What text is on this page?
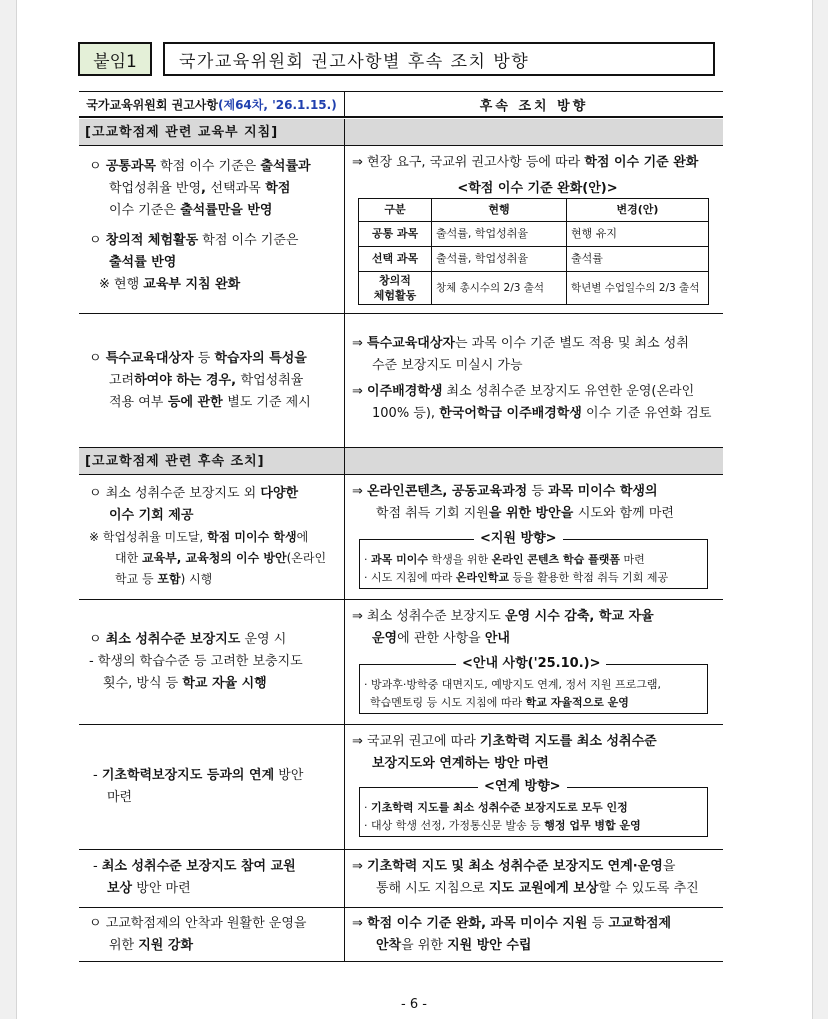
붙임1	국가교육위원회 권고사항별 후속 조치 방향
국가교육위원회 권고사항 (제64차, '26.1.15.)	후속 조치 방향
[고교학점제 관련 교육부 지침]
ㅇ 공통과목 학점 이수 기준은 출석률과
학업성취율 반영, 선택과목 학점
이수 기준은 출석률만을 반영
ㅇ 창의적 체험활동 학점 이수 기준은
출석률 반영
※ 현행 교육부 지침 완화
⇒ 현장 요구, 국교위 권고사항 등에 따라 학점 이수 기준 완화
<학점 이수 기준 완화(안)>
구분	현행	변경(안)
공통 과목	출석률, 학업성취율	현행 유지
선택 과목	출석률, 학업성취율	출석률
창의적
체험활동	창체 총시수의 2/3 출석	학년별 수업일수의 2/3 출석
ㅇ 특수교육대상자 등 학습자의 특성을
고려하여야 하는 경우, 학업성취율
적용 여부 등에 관한 별도 기준 제시
⇒ 특수교육대상자는 과목 이수 기준 별도 적용 및 최소 성취
수준 보장지도 미실시 가능
⇒ 이주배경학생 최소 성취수준 보장지도 유연한 운영(온라인
100% 등), 한국어학급 이주배경학생 이수 기준 유연화 검토
[고교학점제 관련 후속 조치]
ㅇ 최소 성취수준 보장지도 외 다양한
이수 기회 제공
※ 학업성취율 미도달, 학점 미이수 학생에
대한 교육부, 교육청의 이수 방안(온라인
학교 등 포함) 시행
⇒ 온라인콘텐츠, 공동교육과정 등 과목 미이수 학생의
학점 취득 기회 지원을 위한 방안을 시도와 함께 마련
<지원 방향>
· 과목 미이수 학생을 위한 온라인 콘텐츠 학습 플랫폼 마련
· 시도 지침에 따라 온라인학교 등을 활용한 학점 취득 기회 제공
ㅇ 최소 성취수준 보장지도 운영 시
- 학생의 학습수준 등 고려한 보충지도
횟수, 방식 등 학교 자율 시행
⇒ 최소 성취수준 보장지도 운영 시수 감축, 학교 자율
운영에 관한 사항을 안내
<안내 사항('25.10.)>
· 방과후·방학중 대면지도, 예방지도 연계, 정서 지원 프로그램,
학습멘토링 등 시도 지침에 따라 학교 자율적으로 운영
- 기초학력보장지도 등과의 연계 방안
마련
⇒ 국교위 권고에 따라 기초학력 지도를 최소 성취수준
보장지도와 연계하는 방안 마련
<연계 방향>
· 기초학력 지도를 최소 성취수준 보장지도로 모두 인정
· 대상 학생 선정, 가정통신문 발송 등 행정 업무 병합 운영
- 최소 성취수준 보장지도 참여 교원
보상 방안 마련
⇒ 기초학력 지도 및 최소 성취수준 보장지도 연계·운영을
통해 시도 지침으로 지도 교원에게 보상할 수 있도록 추진
ㅇ 고교학점제의 안착과 원활한 운영을
위한 지원 강화
⇒ 학점 이수 기준 완화, 과목 미이수 지원 등 고교학점제
안착을 위한 지원 방안 수립
- 6 -
